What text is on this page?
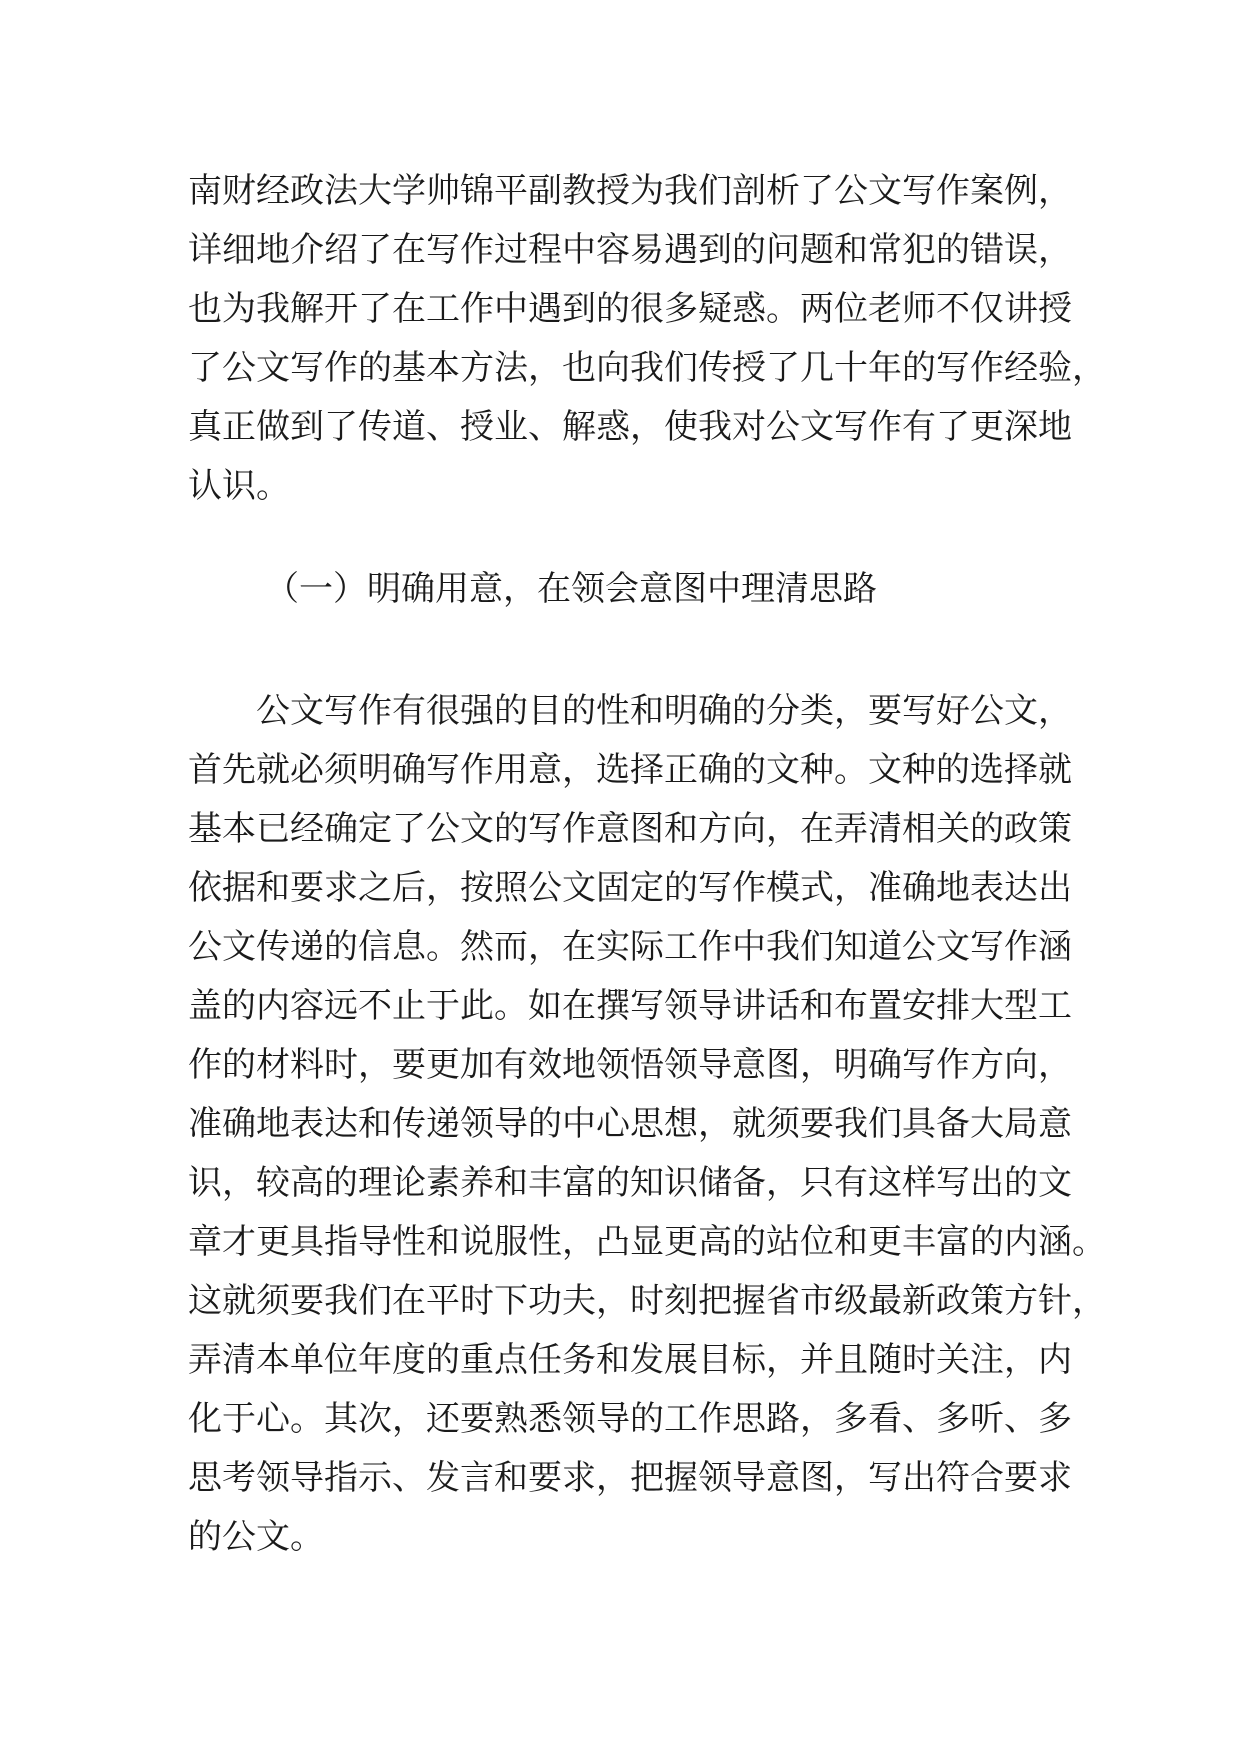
南财经政法大学帅锦平副教授为我们剖析了公文写作案例，
详细地介绍了在写作过程中容易遇到的问题和常犯的错误，
也为我解开了在工作中遇到的很多疑惑。两位老师不仅讲授
了公文写作的基本方法，也向我们传授了几十年的写作经验，
真正做到了传道、授业、解惑，使我对公文写作有了更深地
认识。
（一）明确用意，在领会意图中理清思路
　　公文写作有很强的目的性和明确的分类，要写好公文，
首先就必须明确写作用意，选择正确的文种。文种的选择就
基本已经确定了公文的写作意图和方向，在弄清相关的政策
依据和要求之后，按照公文固定的写作模式，准确地表达出
公文传递的信息。然而，在实际工作中我们知道公文写作涵
盖的内容远不止于此。如在撰写领导讲话和布置安排大型工
作的材料时，要更加有效地领悟领导意图，明确写作方向，
准确地表达和传递领导的中心思想，就须要我们具备大局意
识，较高的理论素养和丰富的知识储备，只有这样写出的文
章才更具指导性和说服性，凸显更高的站位和更丰富的内涵。
这就须要我们在平时下功夫，时刻把握省市级最新政策方针，
弄清本单位年度的重点任务和发展目标，并且随时关注，内
化于心。其次，还要熟悉领导的工作思路，多看、多听、多
思考领导指示、发言和要求，把握领导意图，写出符合要求
的公文。
